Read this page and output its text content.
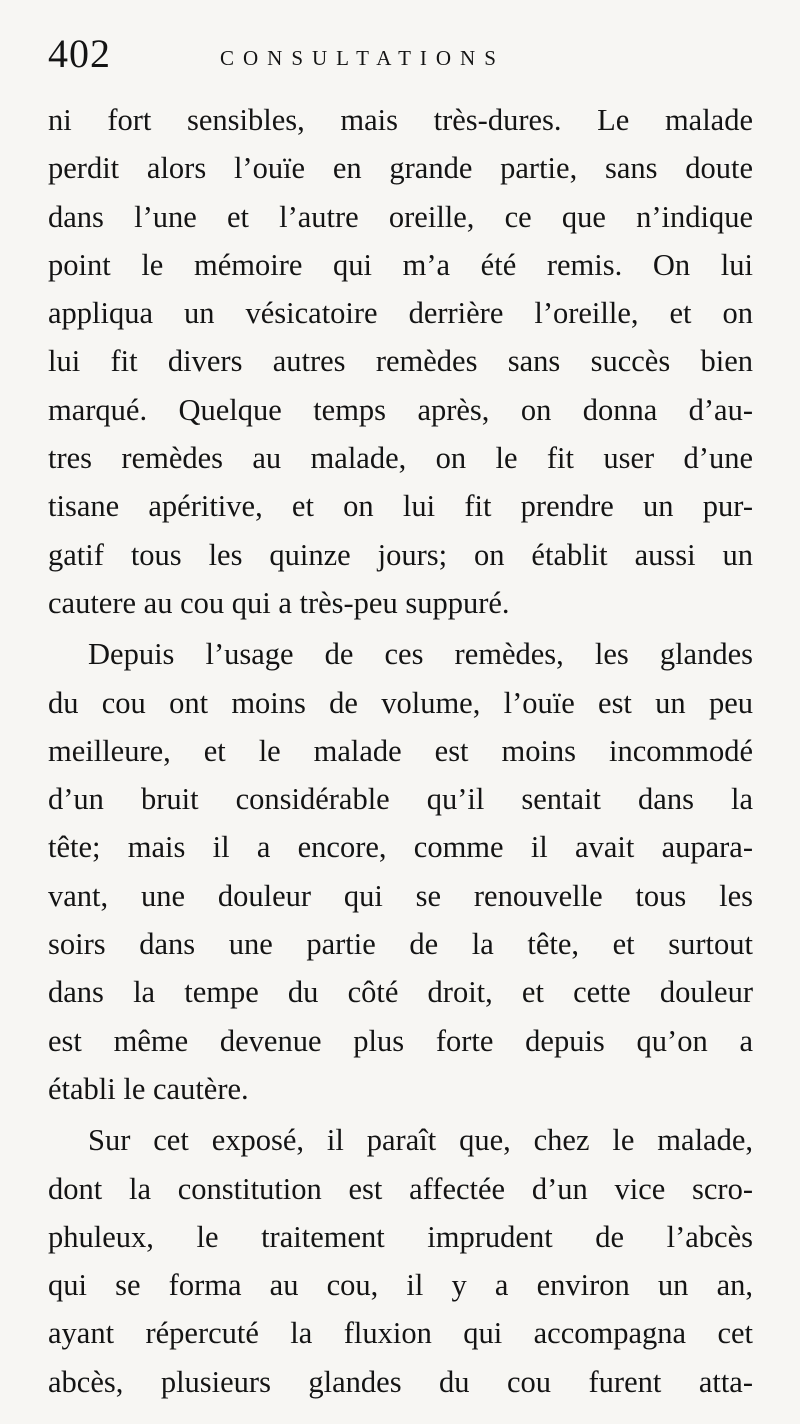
402	CONSULTATIONS
ni fort sensibles, mais très-dures. Le malade
perdit alors l’ouïe en grande partie, sans doute
dans l’une et l’autre oreille, ce que n’indique
point le mémoire qui m’a été remis. On lui
appliqua un vésicatoire derrière l’oreille, et on
lui fit divers autres remèdes sans succès bien
marqué. Quelque temps après, on donna d’au-
tres remèdes au malade, on le fit user d’une
tisane apéritive, et on lui fit prendre un pur-
gatif tous les quinze jours; on établit aussi un
cautere au cou qui a très-peu suppuré.
Depuis l’usage de ces remèdes, les glandes
du cou ont moins de volume, l’ouïe est un peu
meilleure, et le malade est moins incommodé
d’un bruit considérable qu’il sentait dans la
tête; mais il a encore, comme il avait aupara-
vant, une douleur qui se renouvelle tous les
soirs dans une partie de la tête, et surtout
dans la tempe du côté droit, et cette douleur
est même devenue plus forte depuis qu’on a
établi le cautère.
Sur cet exposé, il paraît que, chez le malade,
dont la constitution est affectée d’un vice scro-
phuleux, le traitement imprudent de l’abcès
qui se forma au cou, il y a environ un an,
ayant répercuté la fluxion qui accompagna cet
abcès, plusieurs glandes du cou furent atta-
